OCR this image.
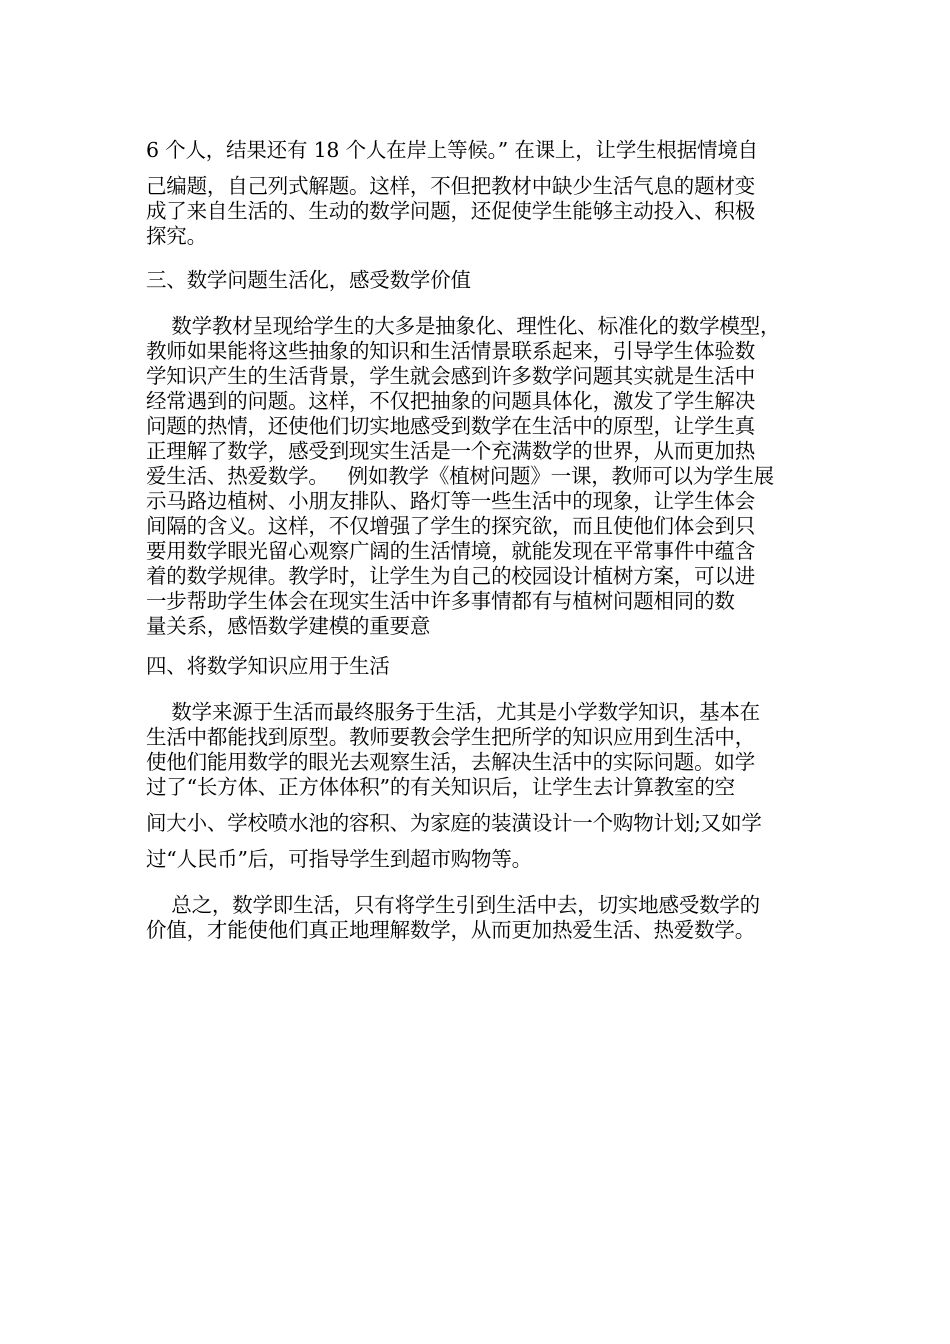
6 个人，结果还有 18 个人在岸上等候。” 在课上，让学生根据情境自
己编题，自己列式解题。这样，不但把教材中缺少生活气息的题材变
成了来自生活的、生动的数学问题，还促使学生能够主动投入、积极
探究。
三、数学问题生活化，感受数学价值
数学教材呈现给学生的大多是抽象化、理性化、标准化的数学模型，
教师如果能将这些抽象的知识和生活情景联系起来，引导学生体验数
学知识产生的生活背景，学生就会感到许多数学问题其实就是生活中
经常遇到的问题。这样，不仅把抽象的问题具体化，激发了学生解决
问题的热情，还使他们切实地感受到数学在生活中的原型，让学生真
正理解了数学，感受到现实生活是一个充满数学的世界，从而更加热
爱生活、热爱数学。   例如教学《植树问题》一课，教师可以为学生展
示马路边植树、小朋友排队、路灯等一些生活中的现象，让学生体会
间隔的含义。这样，不仅增强了学生的探究欲，而且使他们体会到只
要用数学眼光留心观察广阔的生活情境，就能发现在平常事件中蕴含
着的数学规律。教学时，让学生为自己的校园设计植树方案，可以进
一步帮助学生体会在现实生活中许多事情都有与植树问题相同的数
量关系，感悟数学建模的重要意
四、将数学知识应用于生活
数学来源于生活而最终服务于生活，尤其是小学数学知识，基本在
生活中都能找到原型。教师要教会学生把所学的知识应用到生活中，
使他们能用数学的眼光去观察生活，去解决生活中的实际问题。如学
过了“长方体、正方体体积”的有关知识后，让学生去计算教室的空
间大小、学校喷水池的容积、为家庭的装潢设计一个购物计划;又如学
过“人民币”后，可指导学生到超市购物等。
总之，数学即生活，只有将学生引到生活中去，切实地感受数学的
价值，才能使他们真正地理解数学，从而更加热爱生活、热爱数学。
